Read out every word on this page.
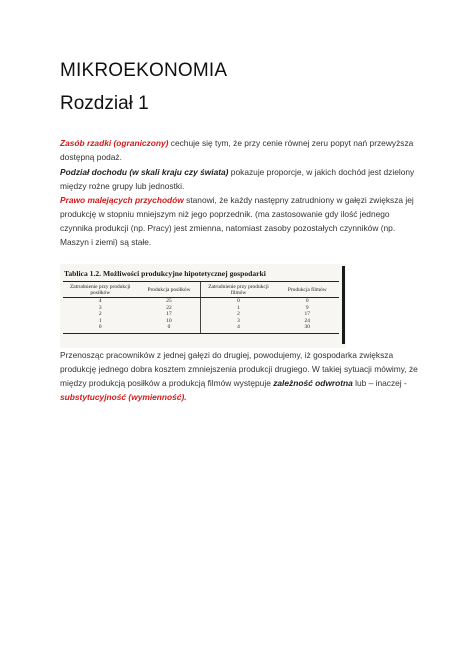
MIKROEKONOMIA
Rozdział 1
Zasób rzadki (ograniczony) cechuje się tym, że przy cenie równej zeru popyt nań przewyższa dostępną podaż.
Podział dochodu (w skali kraju czy świata) pokazuje proporcje, w jakich dochód jest dzielony między rożne grupy lub jednostki.
Prawo malejących przychodów stanowi, że każdy następny zatrudniony w gałęzi zwiększa jej produkcję w stopniu mniejszym niż jego poprzednik. (ma zastosowanie gdy ilość jednego czynnika produkcji (np. Pracy) jest zmienna, natomiast zasoby pozostałych czynników (np. Maszyn i ziemi) są stałe.
Tablica 1.2. Możliwości produkcyjne hipotetycznej gospodarki
Zatrudnienie przy produkcji posiłków	Produkcja posiłków	Zatrudnienie przy produkcji filmów	Produkcja filmów
4	25	0	0
3	22	1	9
2	17	2	17
1	10	3	24
0	0	4	30
Przenosząc pracowników z jednej gałęzi do drugiej, powodujemy, iż gospodarka zwiększa produkcję jednego dobra kosztem zmniejszenia produkcji drugiego. W takiej sytuacji mówimy, że między produkcją posiłków a produkcją filmów występuje zależność odwrotna lub – inaczej - substytucyjność (wymienność).
